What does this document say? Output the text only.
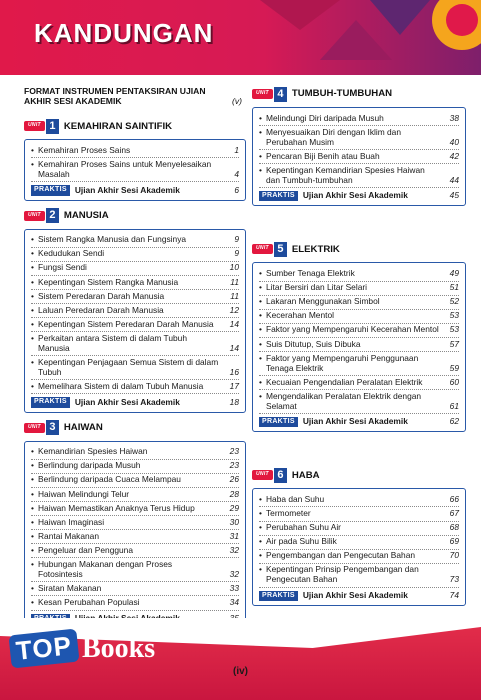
KANDUNGAN
FORMAT INSTRUMEN PENTAKSIRAN UJIAN AKHIR SESI AKADEMIK	(v)
UNIT 1 KEMAHIRAN SAINTIFIK
• Kemahiran Proses Sains	1
• Kemahiran Proses Sains untuk Menyelesaikan Masalah	4
PRAKTIS Ujian Akhir Sesi Akademik	6
UNIT 2 MANUSIA
• Sistem Rangka Manusia dan Fungsinya	9
• Kedudukan Sendi	9
• Fungsi Sendi	10
• Kepentingan Sistem Rangka Manusia	11
• Sistem Peredaran Darah Manusia	11
• Laluan Peredaran Darah Manusia	12
• Kepentingan Sistem Peredaran Darah Manusia	14
• Perkaitan antara Sistem di dalam Tubuh Manusia	14
• Kepentingan Penjagaan Semua Sistem di dalam Tubuh	16
• Memelihara Sistem di dalam Tubuh Manusia	17
PRAKTIS Ujian Akhir Sesi Akademik	18
UNIT 3 HAIWAN
• Kemandirian Spesies Haiwan	23
• Berlindung daripada Musuh	23
• Berlindung daripada Cuaca Melampau	26
• Haiwan Melindungi Telur	28
• Haiwan Memastikan Anaknya Terus Hidup	29
• Haiwan Imaginasi	30
• Rantai Makanan	31
• Pengeluar dan Pengguna	32
• Hubungan Makanan dengan Proses Fotosintesis	32
• Siratan Makanan	33
• Kesan Perubahan Populasi	34
UNIT 4 TUMBUH-TUMBUHAN
• Melindungi Diri daripada Musuh	38
• Menyesuaikan Diri dengan Iklim dan Perubahan Musim	40
• Pencaran Biji Benih atau Buah	42
• Kepentingan Kemandirian Spesies Haiwan dan Tumbuh-tumbuhan	44
PRAKTIS Ujian Akhir Sesi Akademik	45
UNIT 5 ELEKTRIK
• Sumber Tenaga Elektrik	49
• Litar Bersiri dan Litar Selari	51
• Lakaran Menggunakan Simbol	52
• Kecerahan Mentol	53
• Faktor yang Mempengaruhi Kecerahan Mentol	53
• Suis Ditutup, Suis Dibuka	57
• Faktor yang Mempengaruhi Penggunaan Tenaga Elektrik	59
• Kecuaian Pengendalian Peralatan Elektrik	60
• Mengendalikan Peralatan Elektrik dengan Selamat	61
PRAKTIS Ujian Akhir Sesi Akademik	62
UNIT 6 HABA
• Haba dan Suhu	66
• Termometer	67
• Perubahan Suhu Air	68
• Air pada Suhu Bilik	69
• Pengembangan dan Pengecutan Bahan	70
• Kepentingan Prinsip Pengembangan dan Pengecutan Bahan	73
PRAKTIS Ujian Akhir Sesi Akademik	74
TOP Books
(iv)
